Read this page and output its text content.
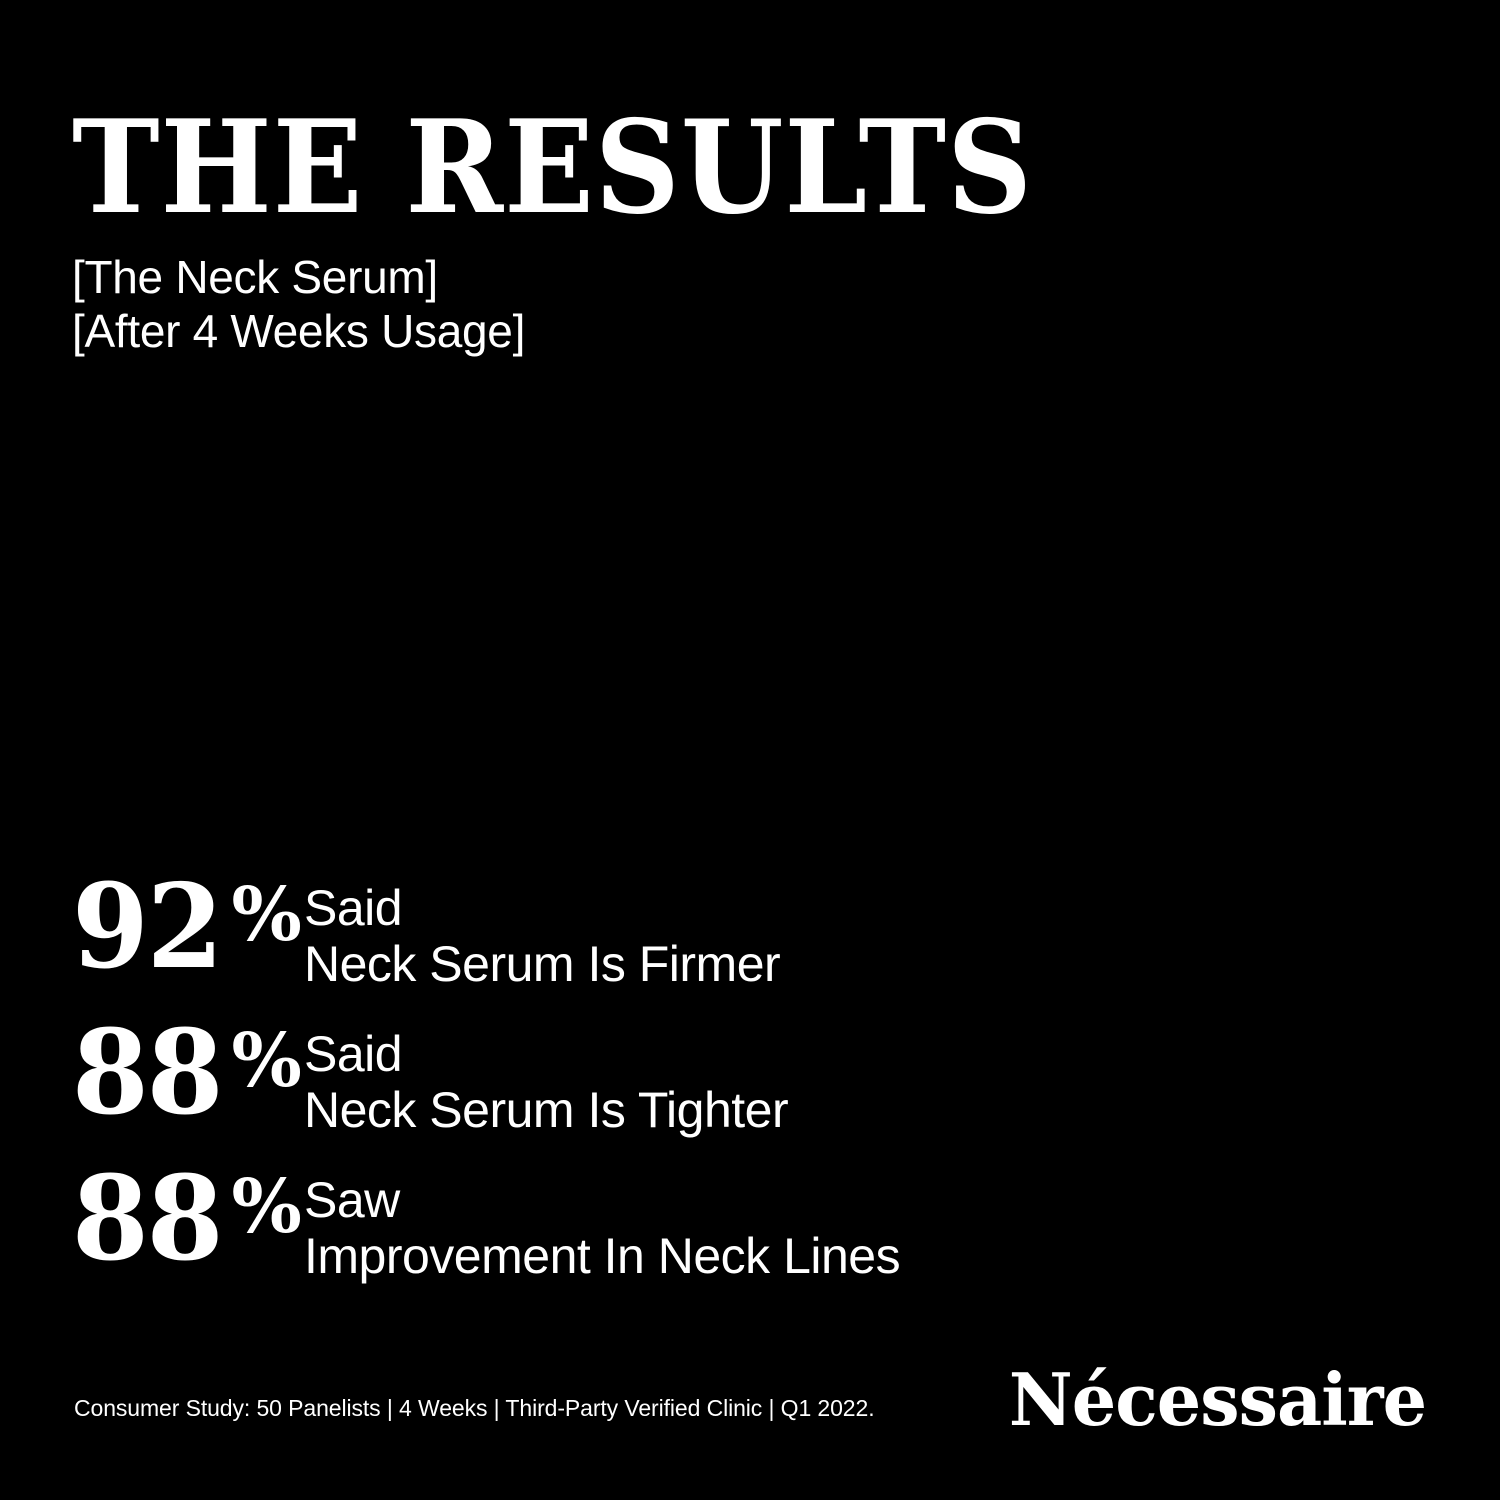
THE RESULTS
[The Neck Serum]
[After 4 Weeks Usage]
92 % Said
Neck Serum Is Firmer
88 % Said
Neck Serum Is Tighter
88 % Saw
Improvement In Neck Lines
Consumer Study: 50 Panelists | 4 Weeks | Third-Party Verified Clinic | Q1 2022. Nécessaire
